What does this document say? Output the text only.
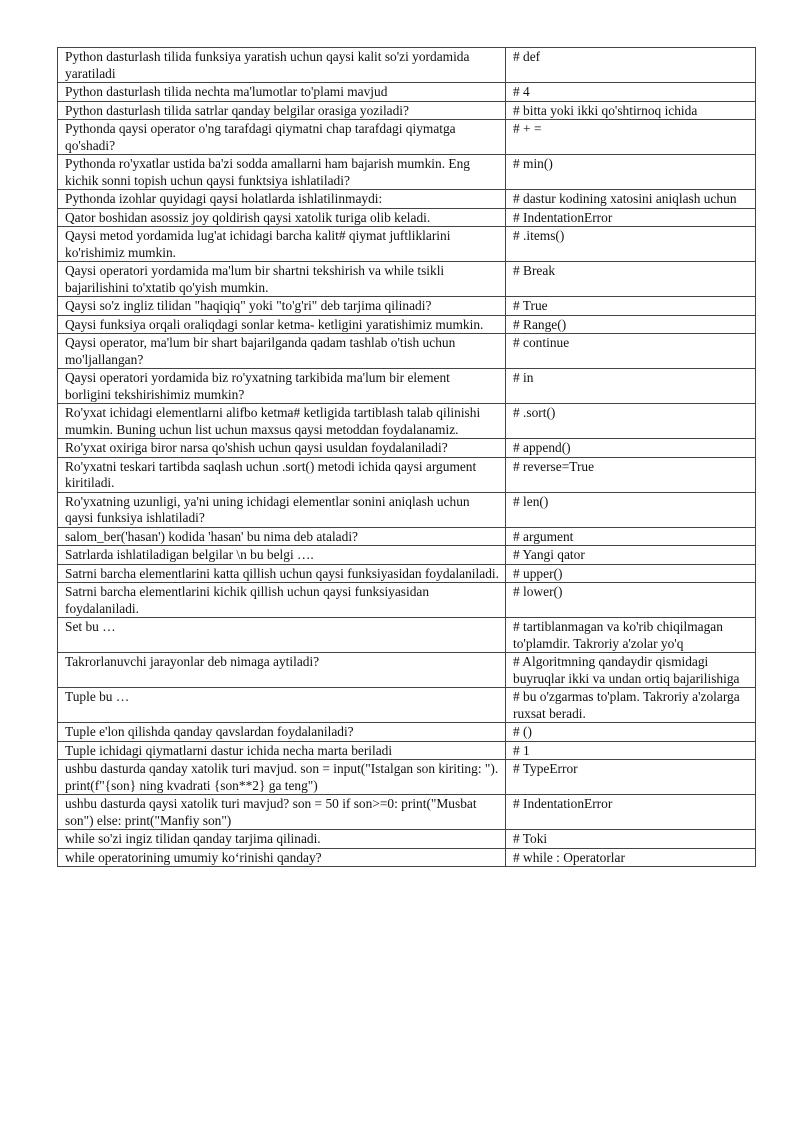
Python dasturlash tilida funksiya yaratish uchun qaysi kalit so'zi yordamida yaratiladi	# def
Python dasturlash tilida nechta ma'lumotlar to'plami mavjud	# 4
Python dasturlash tilida satrlar qanday belgilar orasiga yoziladi?	# bitta yoki ikki qo'shtirnoq ichida
Pythonda qaysi operator o'ng tarafdagi qiymatni chap tarafdagi qiymatga qo'shadi?	# + =
Pythonda ro'yxatlar ustida ba'zi sodda amallarni ham bajarish mumkin. Eng kichik sonni topish uchun qaysi funktsiya ishlatiladi?	# min()
Pythonda izohlar quyidagi qaysi holatlarda ishlatilinmaydi:	# dastur kodining xatosini aniqlash uchun
Qator boshidan asossiz joy qoldirish qaysi xatolik turiga olib keladi.	# IndentationError
Qaysi metod yordamida lug'at ichidagi barcha kalit# qiymat juftliklarini ko'rishimiz mumkin.	# .items()
Qaysi operatori yordamida ma'lum bir shartni tekshirish va while tsikli bajarilishini to'xtatib qo'yish mumkin.	# Break
Qaysi so'z ingliz tilidan "haqiqiq" yoki "to'g'ri" deb tarjima qilinadi?	# True
Qaysi funksiya orqali oraliqdagi sonlar ketma- ketligini yaratishimiz mumkin.	# Range()
Qaysi operator, ma'lum bir shart bajarilganda qadam tashlab o'tish uchun mo'ljallangan?	# continue
Qaysi operatori yordamida biz ro'yxatning tarkibida ma'lum bir element borligini tekshirishimiz mumkin?	# in
Ro'yxat ichidagi elementlarni alifbo ketma# ketligida tartiblash talab qilinishi mumkin. Buning uchun list uchun maxsus qaysi metoddan foydalanamiz.	# .sort()
Ro'yxat oxiriga biror narsa qo'shish uchun qaysi usuldan foydalaniladi?	# append()
Ro'yxatni teskari tartibda saqlash uchun .sort() metodi ichida qaysi argument kiritiladi.	# reverse=True
Ro'yxatning uzunligi, ya'ni uning ichidagi elementlar sonini aniqlash uchun qaysi funksiya ishlatiladi?	# len()
salom_ber('hasan') kodida 'hasan' bu nima deb ataladi?	# argument
Satrlarda ishlatiladigan belgilar \n bu belgi ….	# Yangi qator
Satrni barcha elementlarini katta qillish uchun qaysi funksiyasidan foydalaniladi.	# upper()
Satrni barcha elementlarini kichik qillish uchun qaysi funksiyasidan foydalaniladi.	# lower()
Set bu …	# tartiblanmagan va ko'rib chiqilmagan to'plamdir. Takroriy a'zolar yo'q
Takrorlanuvchi jarayonlar deb nimaga aytiladi?	# Algoritmning qandaydir qismidagi buyruqlar ikki va undan ortiq bajarilishiga
Tuple bu …	# bu o'zgarmas to'plam. Takroriy a'zolarga ruxsat beradi.
Tuple e'lon qilishda qanday qavslardan foydalaniladi?	# ()
Tuple ichidagi qiymatlarni dastur ichida necha marta beriladi	# 1
ushbu dasturda qanday xatolik turi mavjud. son = input("Istalgan son kiriting: "). print(f"{son} ning kvadrati {son**2} ga teng")	# TypeError
ushbu dasturda qaysi xatolik turi mavjud? son = 50 if son>=0: print("Musbat son") else: print("Manfiy son")	# IndentationError
while so'zi ingiz tilidan qanday tarjima qilinadi.	# Toki
while operatorining umumiy ko‘rinishi qanday?	# while : Operatorlar
